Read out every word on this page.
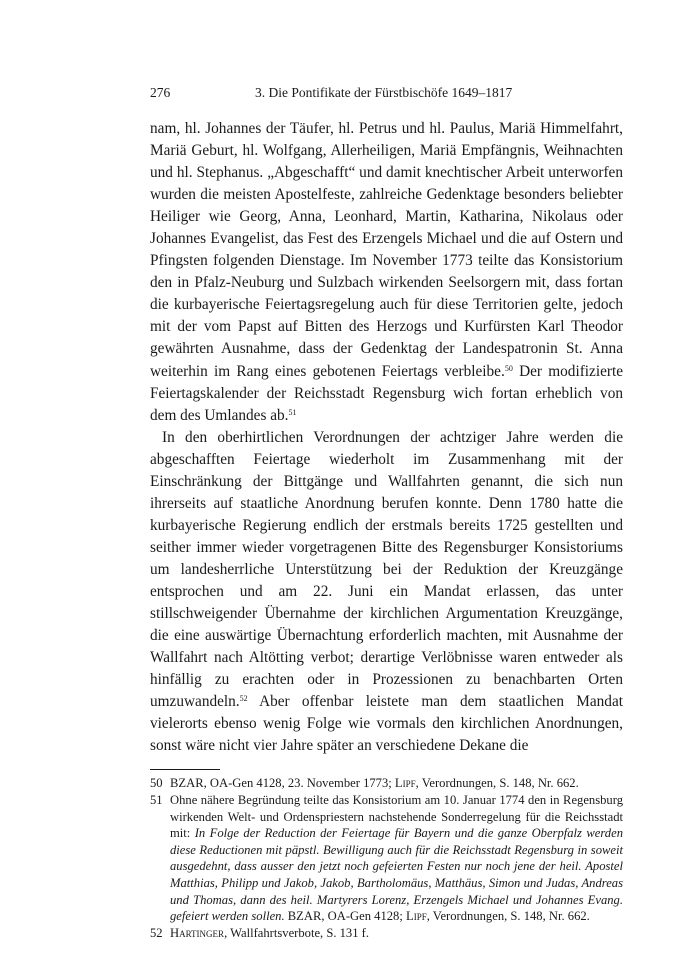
276	3. Die Pontifikate der Fürstbischöfe 1649–1817

nam, hl. Johannes der Täufer, hl. Petrus und hl. Paulus, Mariä Himmelfahrt, Mariä Geburt, hl. Wolfgang, Allerheiligen, Mariä Empfängnis, Weihnachten und hl. Stephanus. „Abgeschafft“ und damit knechtischer Arbeit unterworfen wurden die meisten Apostelfeste, zahlreiche Gedenktage besonders beliebter Heiliger wie Georg, Anna, Leonhard, Martin, Katharina, Nikolaus oder Johannes Evangelist, das Fest des Erzengels Michael und die auf Ostern und Pfingsten folgenden Dienstage. Im November 1773 teilte das Konsistorium den in Pfalz-Neuburg und Sulzbach wirkenden Seelsorgern mit, dass fortan die kurbayerische Feiertagsregelung auch für diese Territorien gelte, jedoch mit der vom Papst auf Bitten des Herzogs und Kurfürsten Karl Theodor gewährten Ausnahme, dass der Gedenktag der Landespatronin St. Anna weiterhin im Rang eines gebotenen Feiertags verbleibe.$^{50}$ Der modifizierte Feiertagskalender der Reichsstadt Regensburg wich fortan erheblich von dem des Umlandes ab.$^{51}$

In den oberhirtlichen Verordnungen der achtziger Jahre werden die abgeschafften Feiertage wiederholt im Zusammenhang mit der Einschränkung der Bittgänge und Wallfahrten genannt, die sich nun ihrerseits auf staatliche Anordnung berufen konnte. Denn 1780 hatte die kurbayerische Regierung endlich der erstmals bereits 1725 gestellten und seither immer wieder vorgetragenen Bitte des Regensburger Konsistoriums um landesherrliche Unterstützung bei der Reduktion der Kreuzgänge entsprochen und am 22. Juni ein Mandat erlassen, das unter stillschweigender Übernahme der kirchlichen Argumentation Kreuzgänge, die eine auswärtige Übernachtung erforderlich machten, mit Ausnahme der Wallfahrt nach Altötting verbot; derartige Verlöbnisse waren entweder als hinfällig zu erachten oder in Prozessionen zu benachbarten Orten umzuwandeln.$^{52}$ Aber offenbar leistete man dem staatlichen Mandat vielerorts ebenso wenig Folge wie vormals den kirchlichen Anordnungen, sonst wäre nicht vier Jahre später an verschiedene Dekane die

50 BZAR, OA-Gen 4128, 23. November 1773; Lipf, Verordnungen, S. 148, Nr. 662.
51 Ohne nähere Begründung teilte das Konsistorium am 10. Januar 1774 den in Regensburg wirkenden Welt- und Ordenspriestern nachstehende Sonderregelung für die Reichsstadt mit: In Folge der Reduction der Feiertage für Bayern und die ganze Oberpfalz werden diese Reductionen mit päpstl. Bewilligung auch für die Reichsstadt Regensburg in soweit ausgedehnt, dass ausser den jetzt noch gefeierten Festen nur noch jene der heil. Apostel Matthias, Philipp und Jakob, Jakob, Bartholomäus, Matthäus, Simon und Judas, Andreas und Thomas, dann des heil. Martyrers Lorenz, Erzengels Michael und Johannes Evang. gefeiert werden sollen. BZAR, OA-Gen 4128; Lipf, Verordnungen, S. 148, Nr. 662.
52 Hartinger, Wallfahrtsverbote, S. 131 f.
